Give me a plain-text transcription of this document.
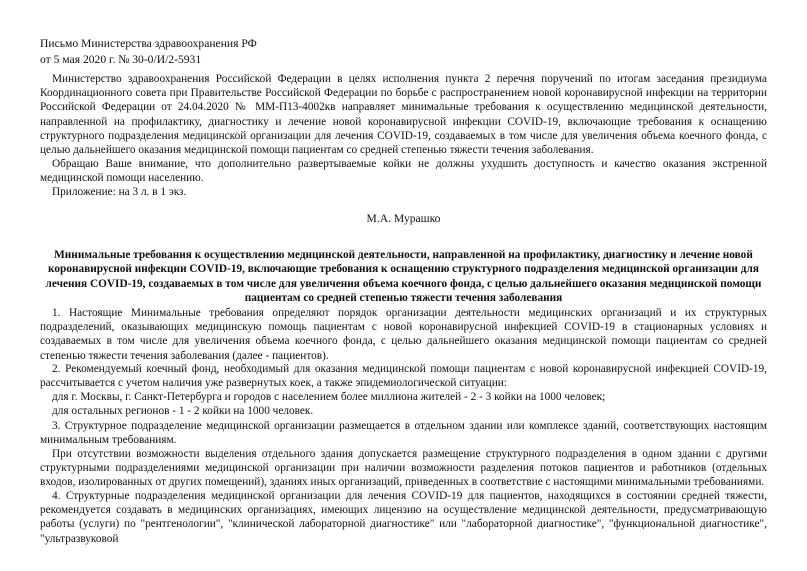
Письмо Министерства здравоохранения РФ
от 5 мая 2020 г. № 30-0/И/2-5931
Министерство здравоохранения Российской Федерации в целях исполнения пункта 2 перечня поручений по итогам заседания президиума Координационного совета при Правительстве Российской Федерации по борьбе с распространением новой коронавирусной инфекции на территории Российской Федерации от 24.04.2020 № ММ-П13-4002кв направляет минимальные требования к осуществлению медицинской деятельности, направленной на профилактику, диагностику и лечение новой коронавирусной инфекции COVID-19, включающие требования к оснащению структурного подразделения медицинской организации для лечения COVID-19, создаваемых в том числе для увеличения объема коечного фонда, с целью дальнейшего оказания медицинской помощи пациентам со средней степенью тяжести течения заболевания.
Обращаю Ваше внимание, что дополнительно развертываемые койки не должны ухудшить доступность и качество оказания экстренной медицинской помощи населению.
Приложение: на 3 л. в 1 экз.
М.А. Мурашко
Минимальные требования к осуществлению медицинской деятельности, направленной на профилактику, диагностику и лечение новой коронавирусной инфекции COVID-19, включающие требования к оснащению структурного подразделения медицинской организации для лечения COVID-19, создаваемых в том числе для увеличения объема коечного фонда, с целью дальнейшего оказания медицинской помощи пациентам со средней степенью тяжести течения заболевания
1. Настоящие Минимальные требования определяют порядок организации деятельности медицинских организаций и их структурных подразделений, оказывающих медицинскую помощь пациентам с новой коронавирусной инфекцией COVID-19 в стационарных условиях и создаваемых в том числе для увеличения объема коечного фонда, с целью дальнейшего оказания медицинской помощи пациентам со средней степенью тяжести течения заболевания (далее - пациентов).
2. Рекомендуемый коечный фонд, необходимый для оказания медицинской помощи пациентам с новой коронавирусной инфекцией COVID-19, рассчитывается с учетом наличия уже развернутых коек, а также эпидемиологической ситуации:
для г. Москвы, г. Санкт-Петербурга и городов с населением более миллиона жителей - 2 - 3 койки на 1000 человек;
для остальных регионов - 1 - 2 койки на 1000 человек.
3. Структурное подразделение медицинской организации размещается в отдельном здании или комплексе зданий, соответствующих настоящим минимальным требованиям.
При отсутствии возможности выделения отдельного здания допускается размещение структурного подразделения в одном здании с другими структурными подразделениями медицинской организации при наличии возможности разделения потоков пациентов и работников (отдельных входов, изолированных от других помещений), зданиях иных организаций, приведенных в соответствие с настоящими минимальными требованиями.
4. Структурные подразделения медицинской организации для лечения COVID-19 для пациентов, находящихся в состоянии средней тяжести, рекомендуется создавать в медицинских организациях, имеющих лицензию на осуществление медицинской деятельности, предусматривающую работы (услуги) по "рентгенологии", "клинической лабораторной диагностике" или "лабораторной диагностике", "функциональной диагностике", "ультразвуковой
